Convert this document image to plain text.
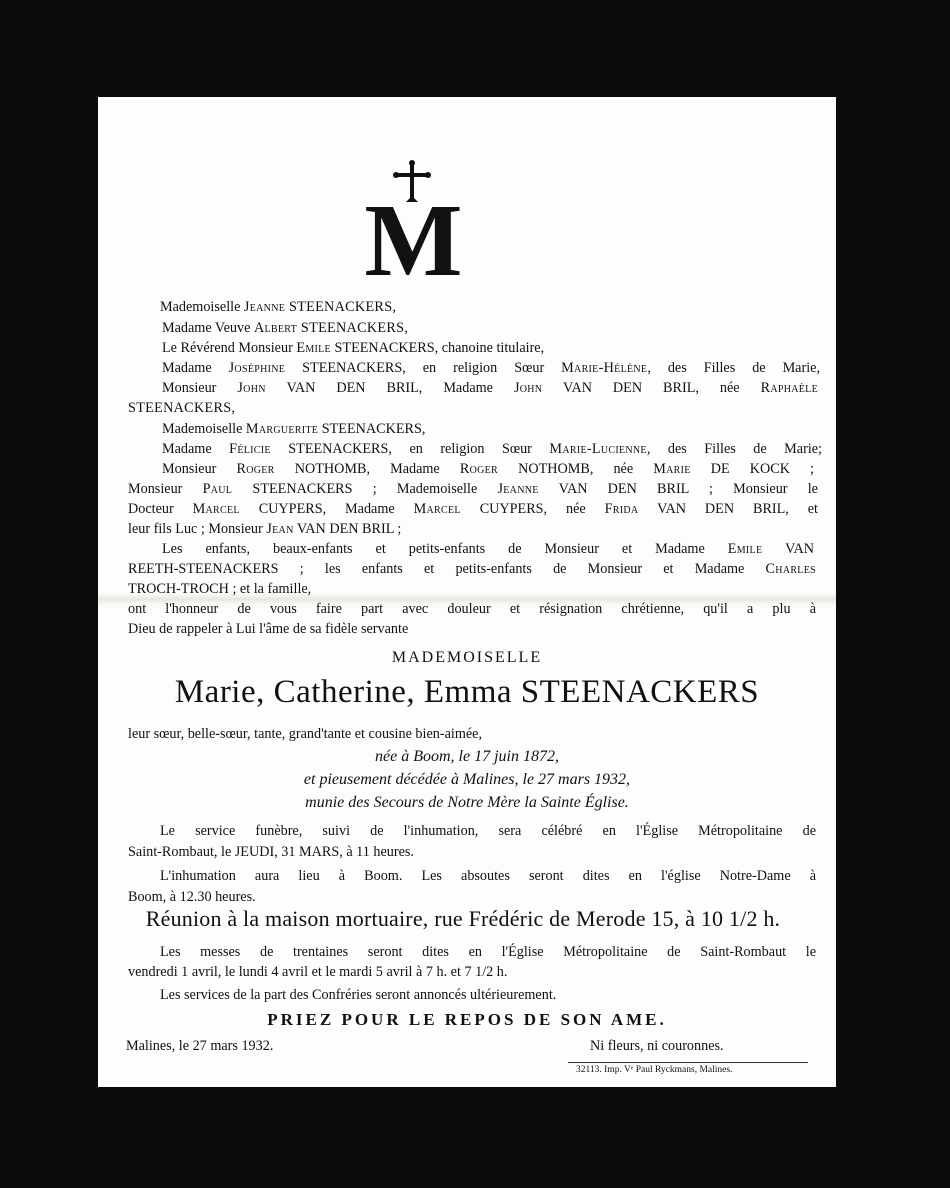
M
Mademoiselle Jeanne STEENACKERS,
Madame Veuve Albert STEENACKERS,
Le Révérend Monsieur Emile STEENACKERS, chanoine titulaire,
Madame Joséphine STEENACKERS, en religion Sœur Marie-Hélène, des Filles de Marie,
Monsieur John VAN DEN BRIL, Madame John VAN DEN BRIL, née Raphaèle
STEENACKERS,
Mademoiselle Marguerite STEENACKERS,
Madame Félicie STEENACKERS, en religion Sœur Marie-Lucienne, des Filles de Marie;
Monsieur Roger NOTHOMB, Madame Roger NOTHOMB, née Marie DE KOCK ;
Monsieur Paul STEENACKERS ; Mademoiselle Jeanne VAN DEN BRIL ; Monsieur le
Docteur Marcel CUYPERS, Madame Marcel CUYPERS, née Frida VAN DEN BRIL, et
leur fils Luc ; Monsieur Jean VAN DEN BRIL ;
Les enfants, beaux-enfants et petits-enfants de Monsieur et Madame Emile VAN
REETH-STEENACKERS ; les enfants et petits-enfants de Monsieur et Madame Charles
TROCH-TROCH ; et la famille,
ont l'honneur de vous faire part avec douleur et résignation chrétienne, qu'il a plu à
Dieu de rappeler à Lui l'âme de sa fidèle servante
MADEMOISELLE
Marie, Catherine, Emma STEENACKERS
leur sœur, belle-sœur, tante, grand'tante et cousine bien-aimée,
née à Boom, le 17 juin 1872,
et pieusement décédée à Malines, le 27 mars 1932,
munie des Secours de Notre Mère la Sainte Église.
Le service funèbre, suivi de l'inhumation, sera célébré en l'Église Métropolitaine de
Saint-Rombaut, le JEUDI, 31 MARS, à 11 heures.
L'inhumation aura lieu à Boom. Les absoutes seront dites en l'église Notre-Dame à
Boom, à 12.30 heures.
Réunion à la maison mortuaire, rue Frédéric de Merode 15, à 10 1/2 h.
Les messes de trentaines seront dites en l'Église Métropolitaine de Saint-Rombaut le
vendredi 1 avril, le lundi 4 avril et le mardi 5 avril à 7 h. et 7 1/2 h.
Les services de la part des Confréries seront annoncés ultérieurement.
PRIEZ POUR LE REPOS DE SON AME.
Malines, le 27 mars 1932.	Ni fleurs, ni couronnes.
32113. Imp. Vᵉ Paul Ryckmans, Malines.
